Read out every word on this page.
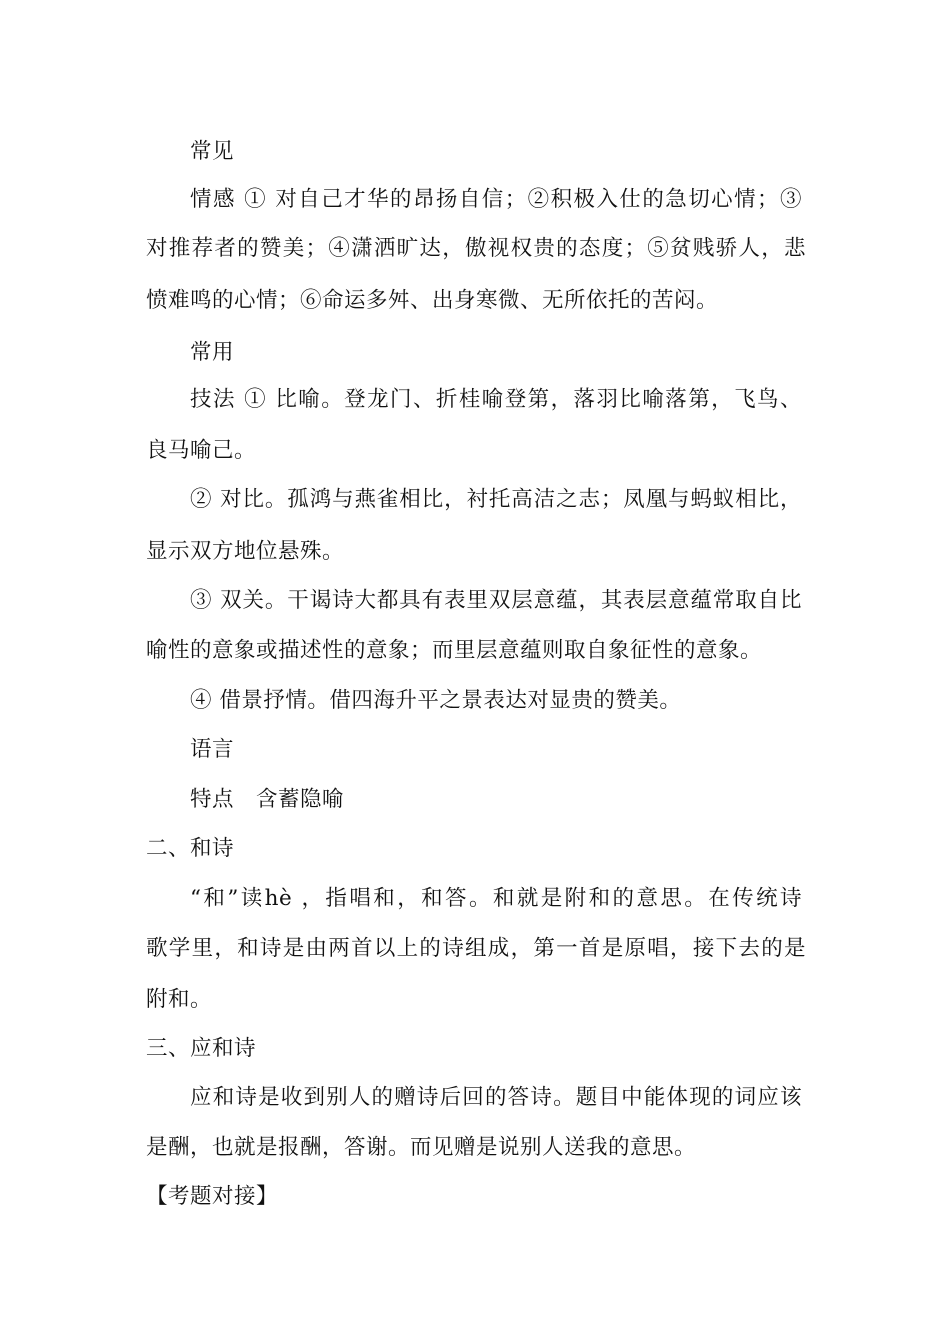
常见
情感 ① 对自己才华的昂扬自信；②积极入仕的急切心情；③
对推荐者的赞美；④潇洒旷达，傲视权贵的态度；⑤贫贱骄人，悲
愤难鸣的心情；⑥命运多舛、出身寒微、无所依托的苦闷。
常用
技法 ① 比喻。登龙门、折桂喻登第，落羽比喻落第，飞鸟、
良马喻己。
② 对比。孤鸿与燕雀相比，衬托高洁之志；凤凰与蚂蚁相比，
显示双方地位悬殊。
③ 双关。干谒诗大都具有表里双层意蕴，其表层意蕴常取自比
喻性的意象或描述性的意象；而里层意蕴则取自象征性的意象。
④ 借景抒情。借四海升平之景表达对显贵的赞美。
语言
特点　含蓄隐喻
二、和诗
“和”读hè ，指唱和，和答。和就是附和的意思。在传统诗
歌学里，和诗是由两首以上的诗组成，第一首是原唱，接下去的是
附和。
三、应和诗
应和诗是收到别人的赠诗后回的答诗。题目中能体现的词应该
是酬，也就是报酬，答谢。而见赠是说别人送我的意思。
【考题对接】
